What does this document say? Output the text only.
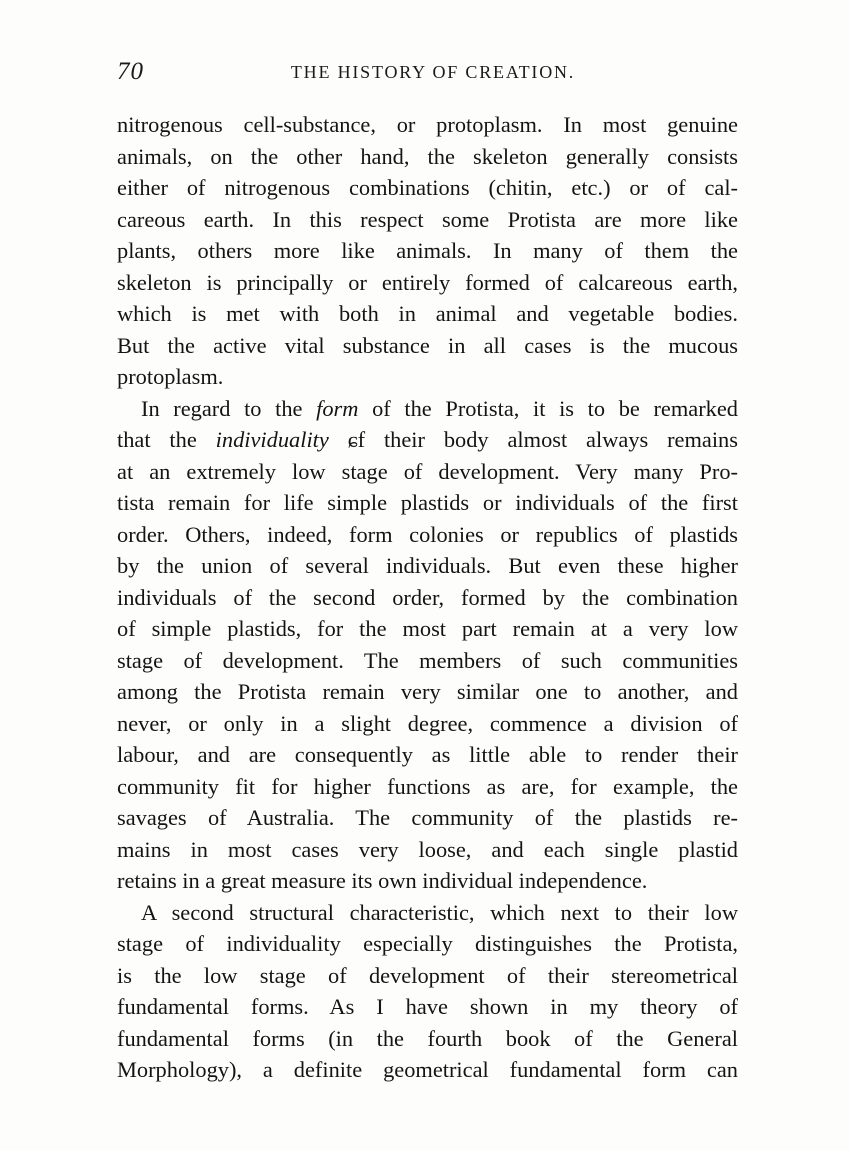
70	THE HISTORY OF CREATION.
nitrogenous cell-substance, or protoplasm. In most genuine
animals, on the other hand, the skeleton generally consists
either of nitrogenous combinations (chitin, etc.) or of cal-
careous earth. In this respect some Protista are more like
plants, others more like animals. In many of them the
skeleton is principally or entirely formed of calcareous earth,
which is met with both in animal and vegetable bodies.
But the active vital substance in all cases is the mucous
protoplasm.
In regard to the form of the Protista, it is to be remarked
that the individuality ɕf their body almost always remains
at an extremely low stage of development. Very many Pro-
tista remain for life simple plastids or individuals of the first
order. Others, indeed, form colonies or republics of plastids
by the union of several individuals. But even these higher
individuals of the second order, formed by the combination
of simple plastids, for the most part remain at a very low
stage of development. The members of such communities
among the Protista remain very similar one to another, and
never, or only in a slight degree, commence a division of
labour, and are consequently as little able to render their
community fit for higher functions as are, for example, the
savages of Australia. The community of the plastids re-
mains in most cases very loose, and each single plastid
retains in a great measure its own individual independence.
A second structural characteristic, which next to their low
stage of individuality especially distinguishes the Protista,
is the low stage of development of their stereometrical
fundamental forms. As I have shown in my theory of
fundamental forms (in the fourth book of the General
Morphology), a definite geometrical fundamental form can
